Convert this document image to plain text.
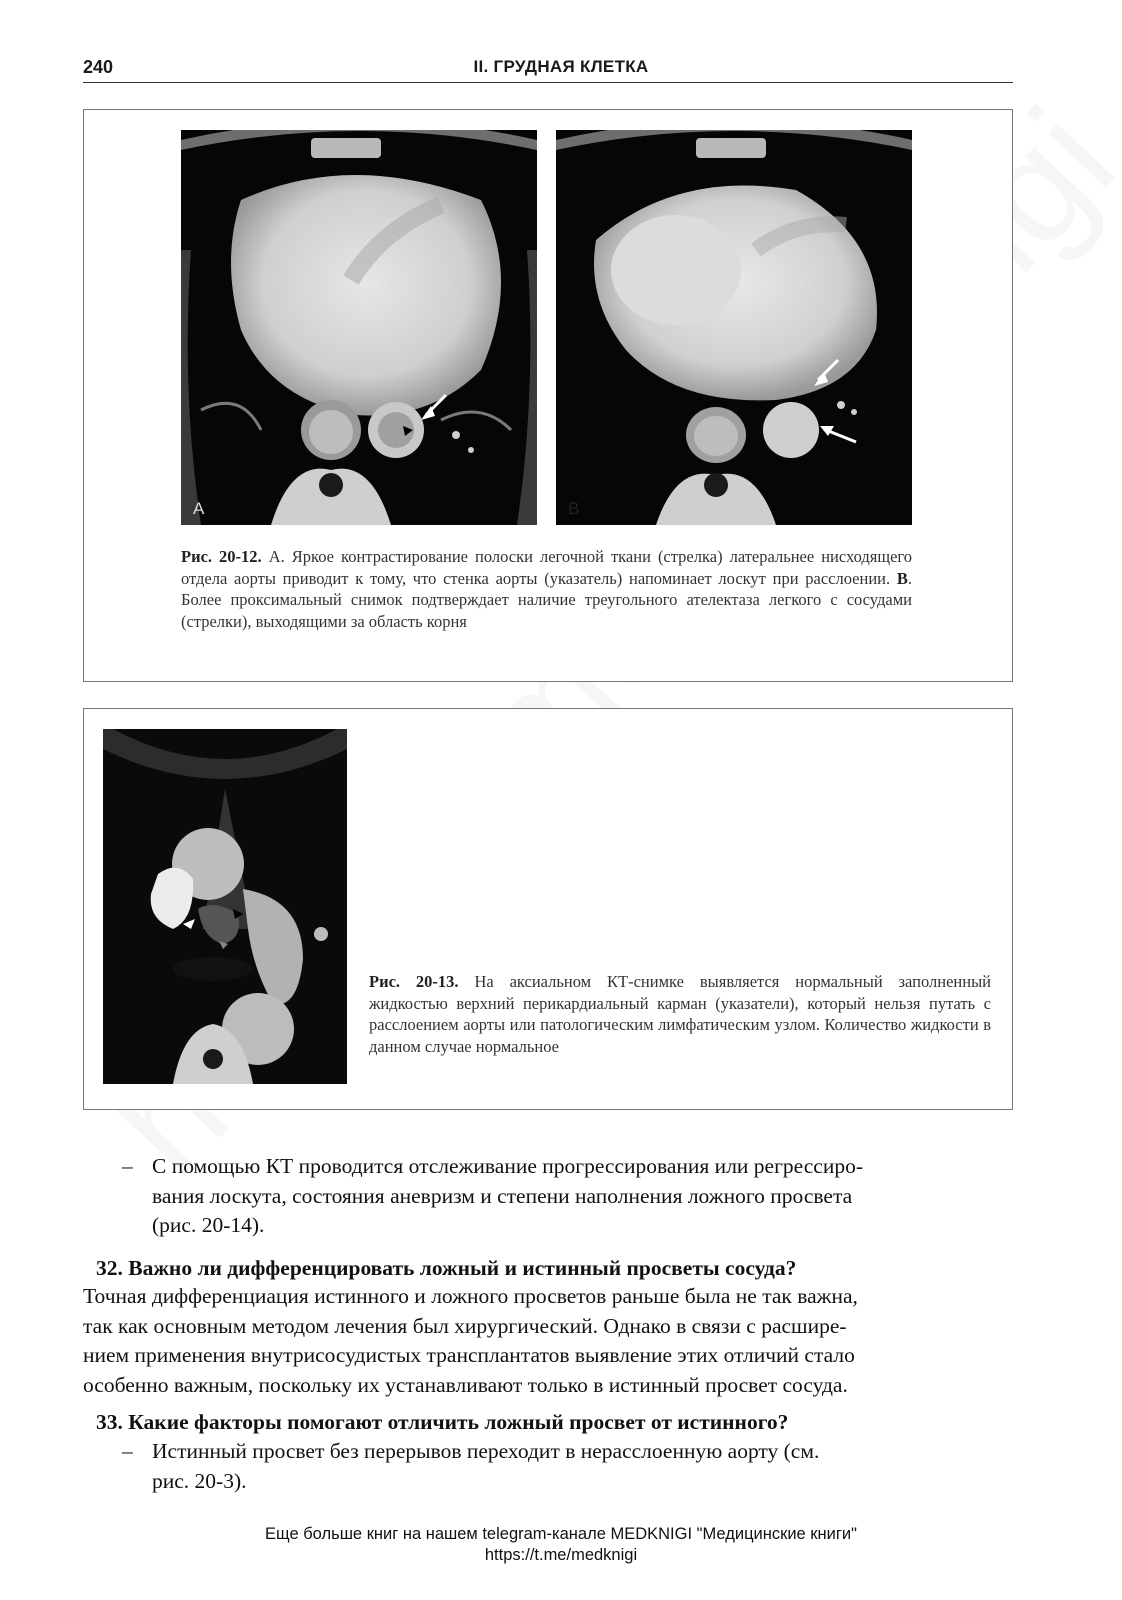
240	II. ГРУДНАЯ КЛЕТКА
A	B
Рис. 20-12. A. Яркое контрастирование полоски легочной ткани (стрелка) латеральнее нисходящего отдела аорты приводит к тому, что стенка аорты (указатель) напоминает лоскут при расслоении. B. Более проксимальный снимок подтверждает наличие треугольного ателектаза легкого с сосудами (стрелки), выходящими за область корня
Рис. 20-13. На аксиальном КТ-снимке выявляется нормальный заполненный жидкостью верхний перикардиальный карман (указатели), который нельзя путать с расслоением аорты или патологическим лимфатическим узлом. Количество жидкости в данном случае нормальное
– С помощью КТ проводится отслеживание прогрессирования или регрессиро-
вания лоскута, состояния аневризм и степени наполнения ложного просвета
(рис. 20-14).
32. Важно ли дифференцировать ложный и истинный просветы сосуда?
Точная дифференциация истинного и ложного просветов раньше была не так важна,
так как основным методом лечения был хирургический. Однако в связи с расшире-
нием применения внутрисосудистых трансплантатов выявление этих отличий стало
особенно важным, поскольку их устанавливают только в истинный просвет сосуда.
33. Какие факторы помогают отличить ложный просвет от истинного?
– Истинный просвет без перерывов переходит в нерасслоенную аорту (см.
рис. 20-3).
Еще больше книг на нашем telegram-канале MEDKNIGI "Медицинские книги"
https://t.me/medknigi
